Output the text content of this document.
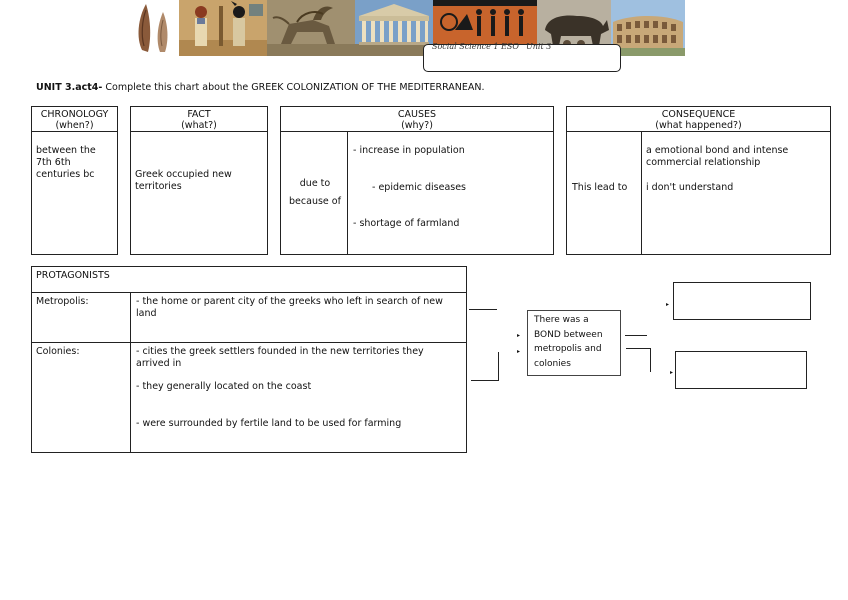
Social Science 1 ESO Unit 3
UNIT 3.act4- Complete this chart about the GREEK COLONIZATION OF THE MEDITERRANEAN.
CHRONOLOGY
(when?)
between the 7th 6th centuries bc
FACT
(what?)
Greek occupied new territories
CAUSES
(why?)
due to because of
- increase in population
- epidemic diseases
- shortage of farmland
CONSEQUENCE
(what happened?)
This lead to
a emotional bond and intense commercial relationship
i don't understand
PROTAGONISTS
Metropolis:	- the home or parent city of the greeks who left in search of new land
Colonies:	- cities the greek settlers founded in the new territories they arrived in
- they generally located on the coast
- were surrounded by fertile land to be used for farming
▸
▸
There was a BOND between metropolis and colonies
▸
▸
